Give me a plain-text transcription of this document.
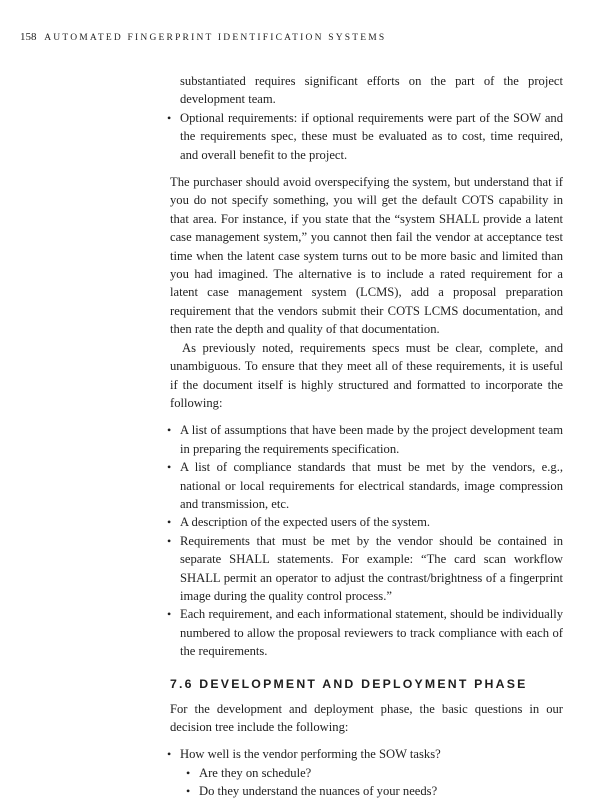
158 AUTOMATED FINGERPRINT IDENTIFICATION SYSTEMS
substantiated requires significant efforts on the part of the project development team.
• Optional requirements: if optional requirements were part of the SOW and the requirements spec, these must be evaluated as to cost, time required, and overall benefit to the project.

The purchaser should avoid overspecifying the system, but understand that if you do not specify something, you will get the default COTS capability in that area. For instance, if you state that the “system SHALL provide a latent case management system,” you cannot then fail the vendor at acceptance test time when the latent case system turns out to be more basic and limited than you had imagined. The alternative is to include a rated requirement for a latent case management system (LCMS), add a proposal preparation requirement that the vendors submit their COTS LCMS documentation, and then rate the depth and quality of that documentation.

As previously noted, requirements specs must be clear, complete, and unambiguous. To ensure that they meet all of these requirements, it is useful if the document itself is highly structured and formatted to incorporate the following:

• A list of assumptions that have been made by the project development team in preparing the requirements specification.
• A list of compliance standards that must be met by the vendors, e.g., national or local requirements for electrical standards, image compression and transmission, etc.
• A description of the expected users of the system.
• Requirements that must be met by the vendor should be contained in separate SHALL statements. For example: “The card scan workflow SHALL permit an operator to adjust the contrast/brightness of a fingerprint image during the quality control process.”
• Each requirement, and each informational statement, should be individually numbered to allow the proposal reviewers to track compliance with each of the requirements.
7.6 DEVELOPMENT AND DEPLOYMENT PHASE

For the development and deployment phase, the basic questions in our decision tree include the following:

• How well is the vendor performing the SOW tasks?
• Are they on schedule?
• Do they understand the nuances of your needs?
